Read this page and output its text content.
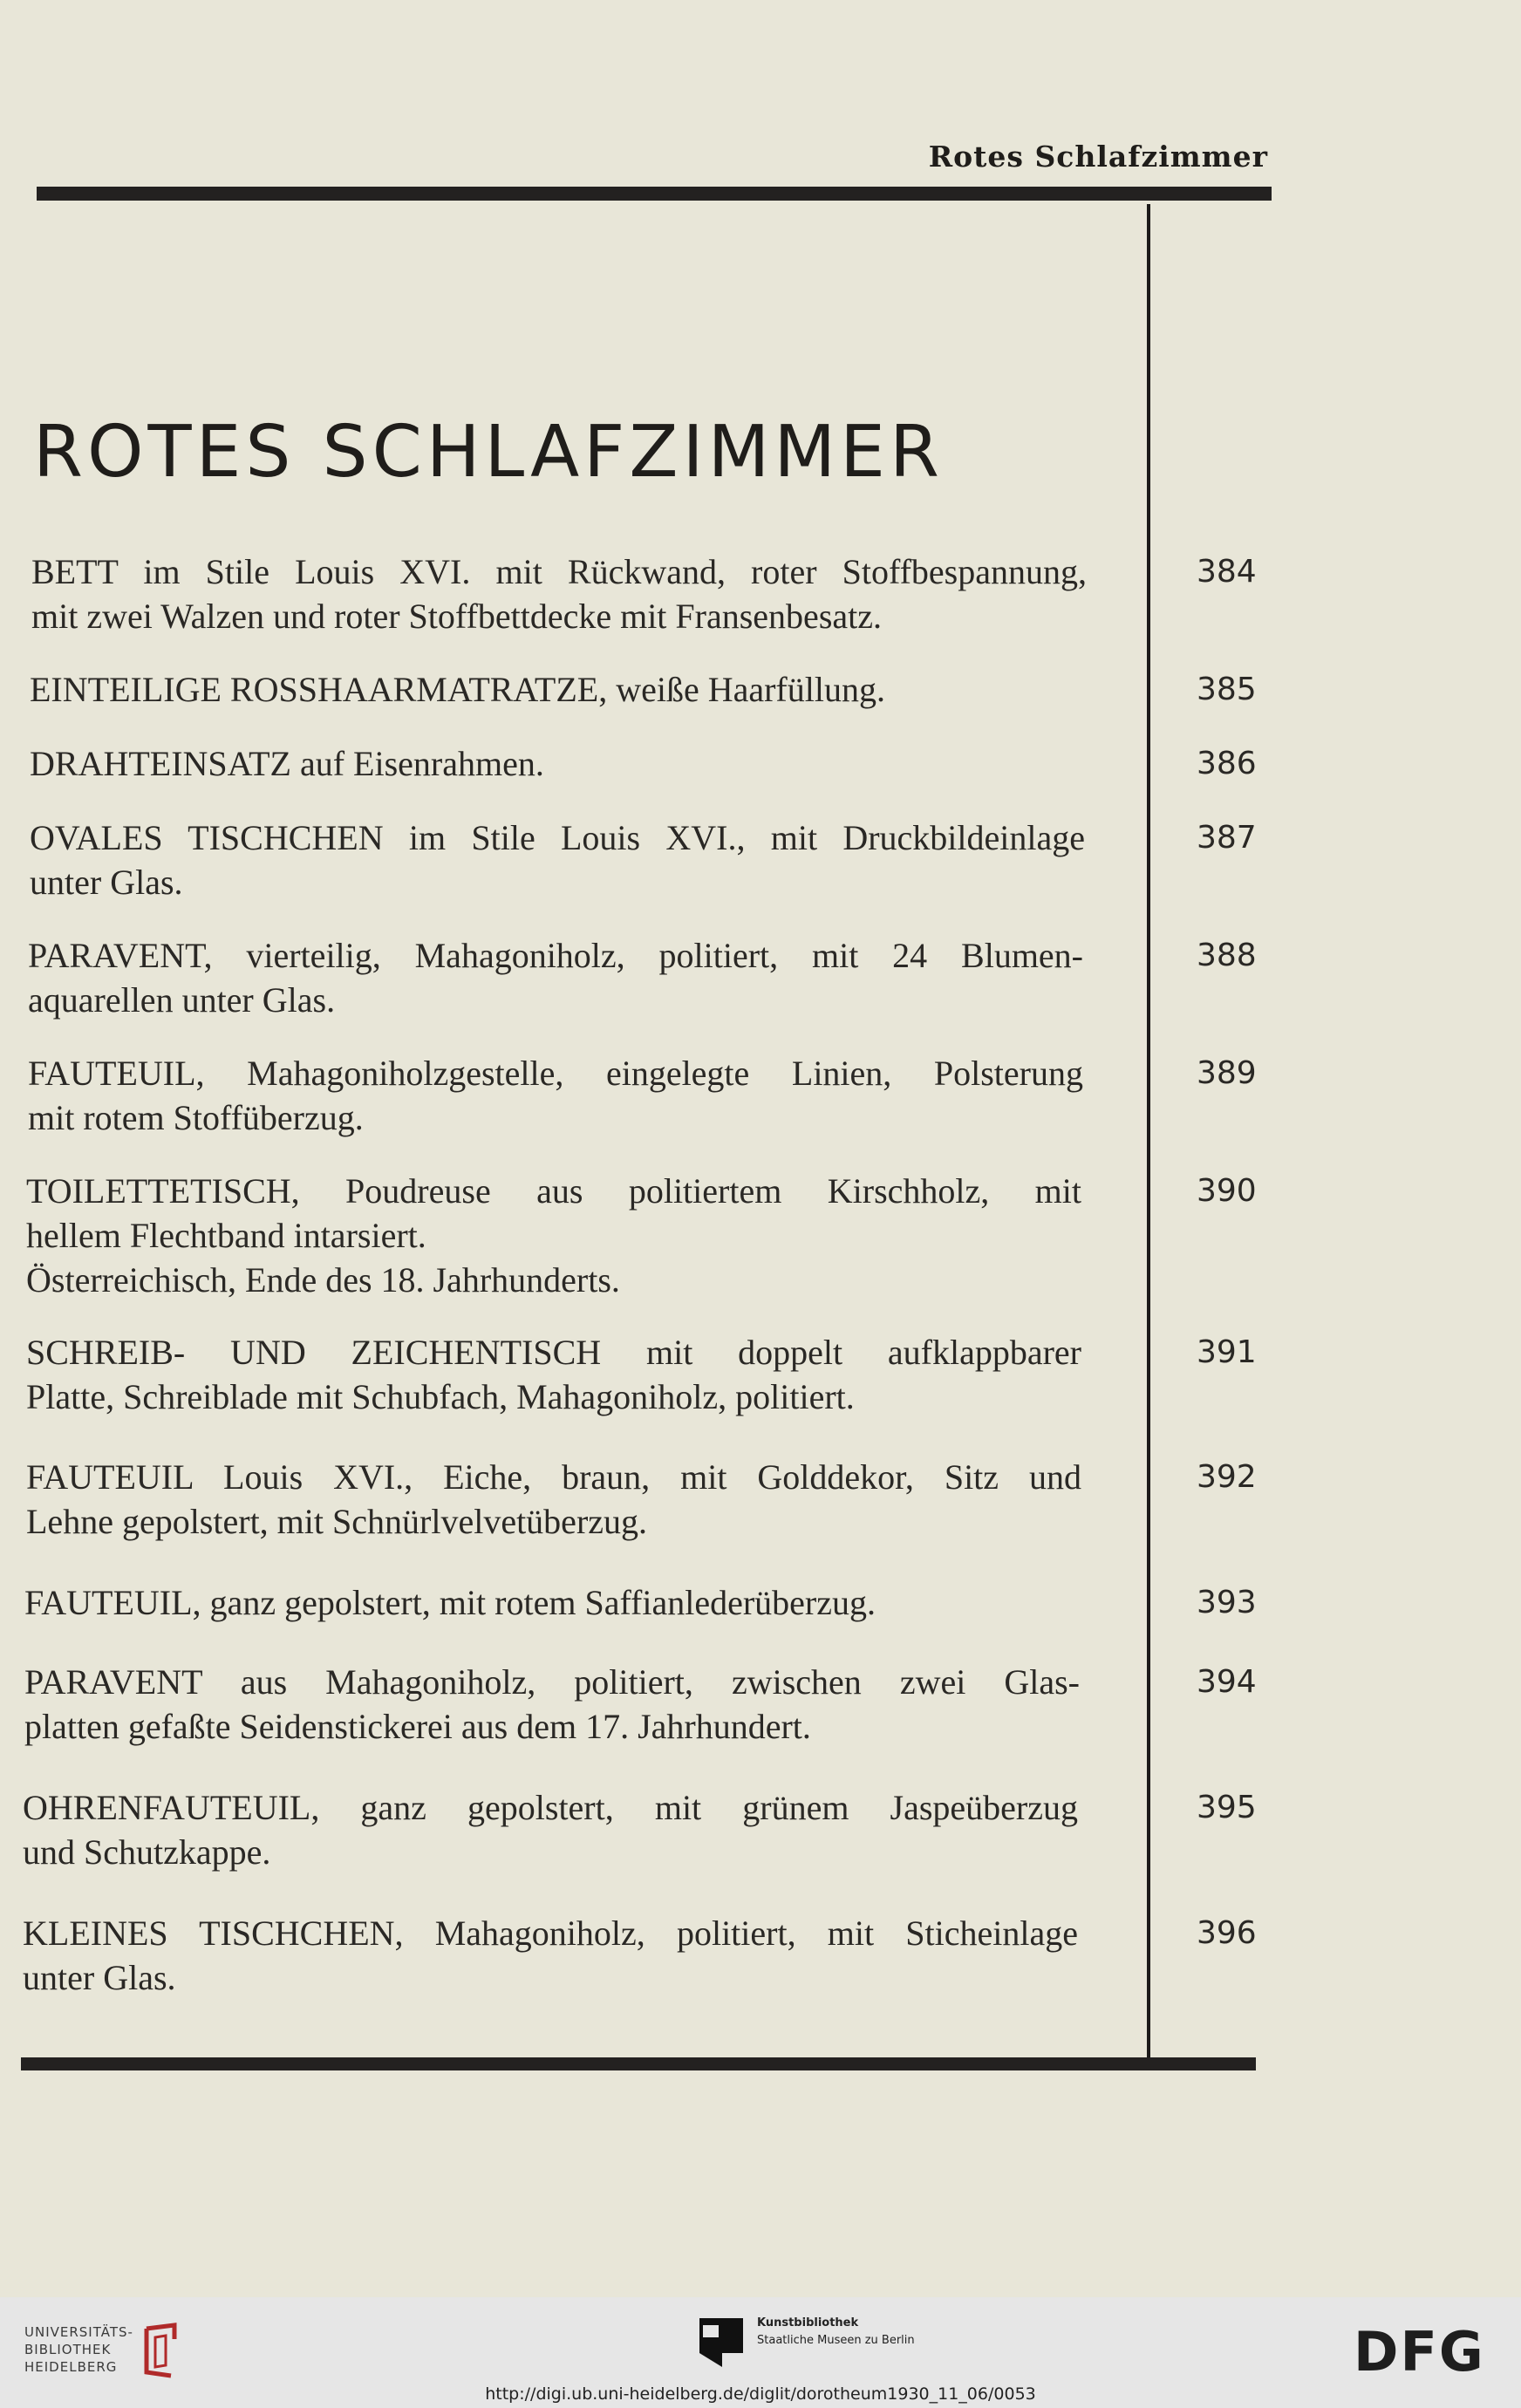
Rotes Schlafzimmer
ROTES SCHLAFZIMMER
BETT im Stile Louis XVI. mit Rückwand, roter Stoffbespannung,
mit zwei Walzen und roter Stoffbettdecke mit Fransenbesatz.
384
EINTEILIGE ROSSHAARMATRATZE, weiße Haarfüllung.	385
DRAHTEINSATZ auf Eisenrahmen.	386
OVALES TISCHCHEN im Stile Louis XVI., mit Druckbildeinlage
unter Glas.
387
PARAVENT, vierteilig, Mahagoniholz, politiert, mit 24 Blumen-
aquarellen unter Glas.
388
FAUTEUIL, Mahagoniholzgestelle, eingelegte Linien, Polsterung
mit rotem Stoffüberzug.
389
TOILETTETISCH, Poudreuse aus politiertem Kirschholz, mit
hellem Flechtband intarsiert.
Österreichisch, Ende des 18. Jahrhunderts.
390
SCHREIB- UND ZEICHENTISCH mit doppelt aufklappbarer
Platte, Schreiblade mit Schubfach, Mahagoniholz, politiert.
391
FAUTEUIL Louis XVI., Eiche, braun, mit Golddekor, Sitz und
Lehne gepolstert, mit Schnürlvelvetüberzug.
392
FAUTEUIL, ganz gepolstert, mit rotem Saffianlederüberzug.	393
PARAVENT aus Mahagoniholz, politiert, zwischen zwei Glas-
platten gefaßte Seidenstickerei aus dem 17. Jahrhundert.
394
OHRENFAUTEUIL, ganz gepolstert, mit grünem Jaspeüberzug
und Schutzkappe.
395
KLEINES TISCHCHEN, Mahagoniholz, politiert, mit Sticheinlage
unter Glas.
396
UNIVERSITÄTS-
BIBLIOTHEK
HEIDELBERG
Kunstbibliothek
Staatliche Museen zu Berlin	DFG
http://digi.ub.uni-heidelberg.de/diglit/dorotheum1930_11_06/0053
